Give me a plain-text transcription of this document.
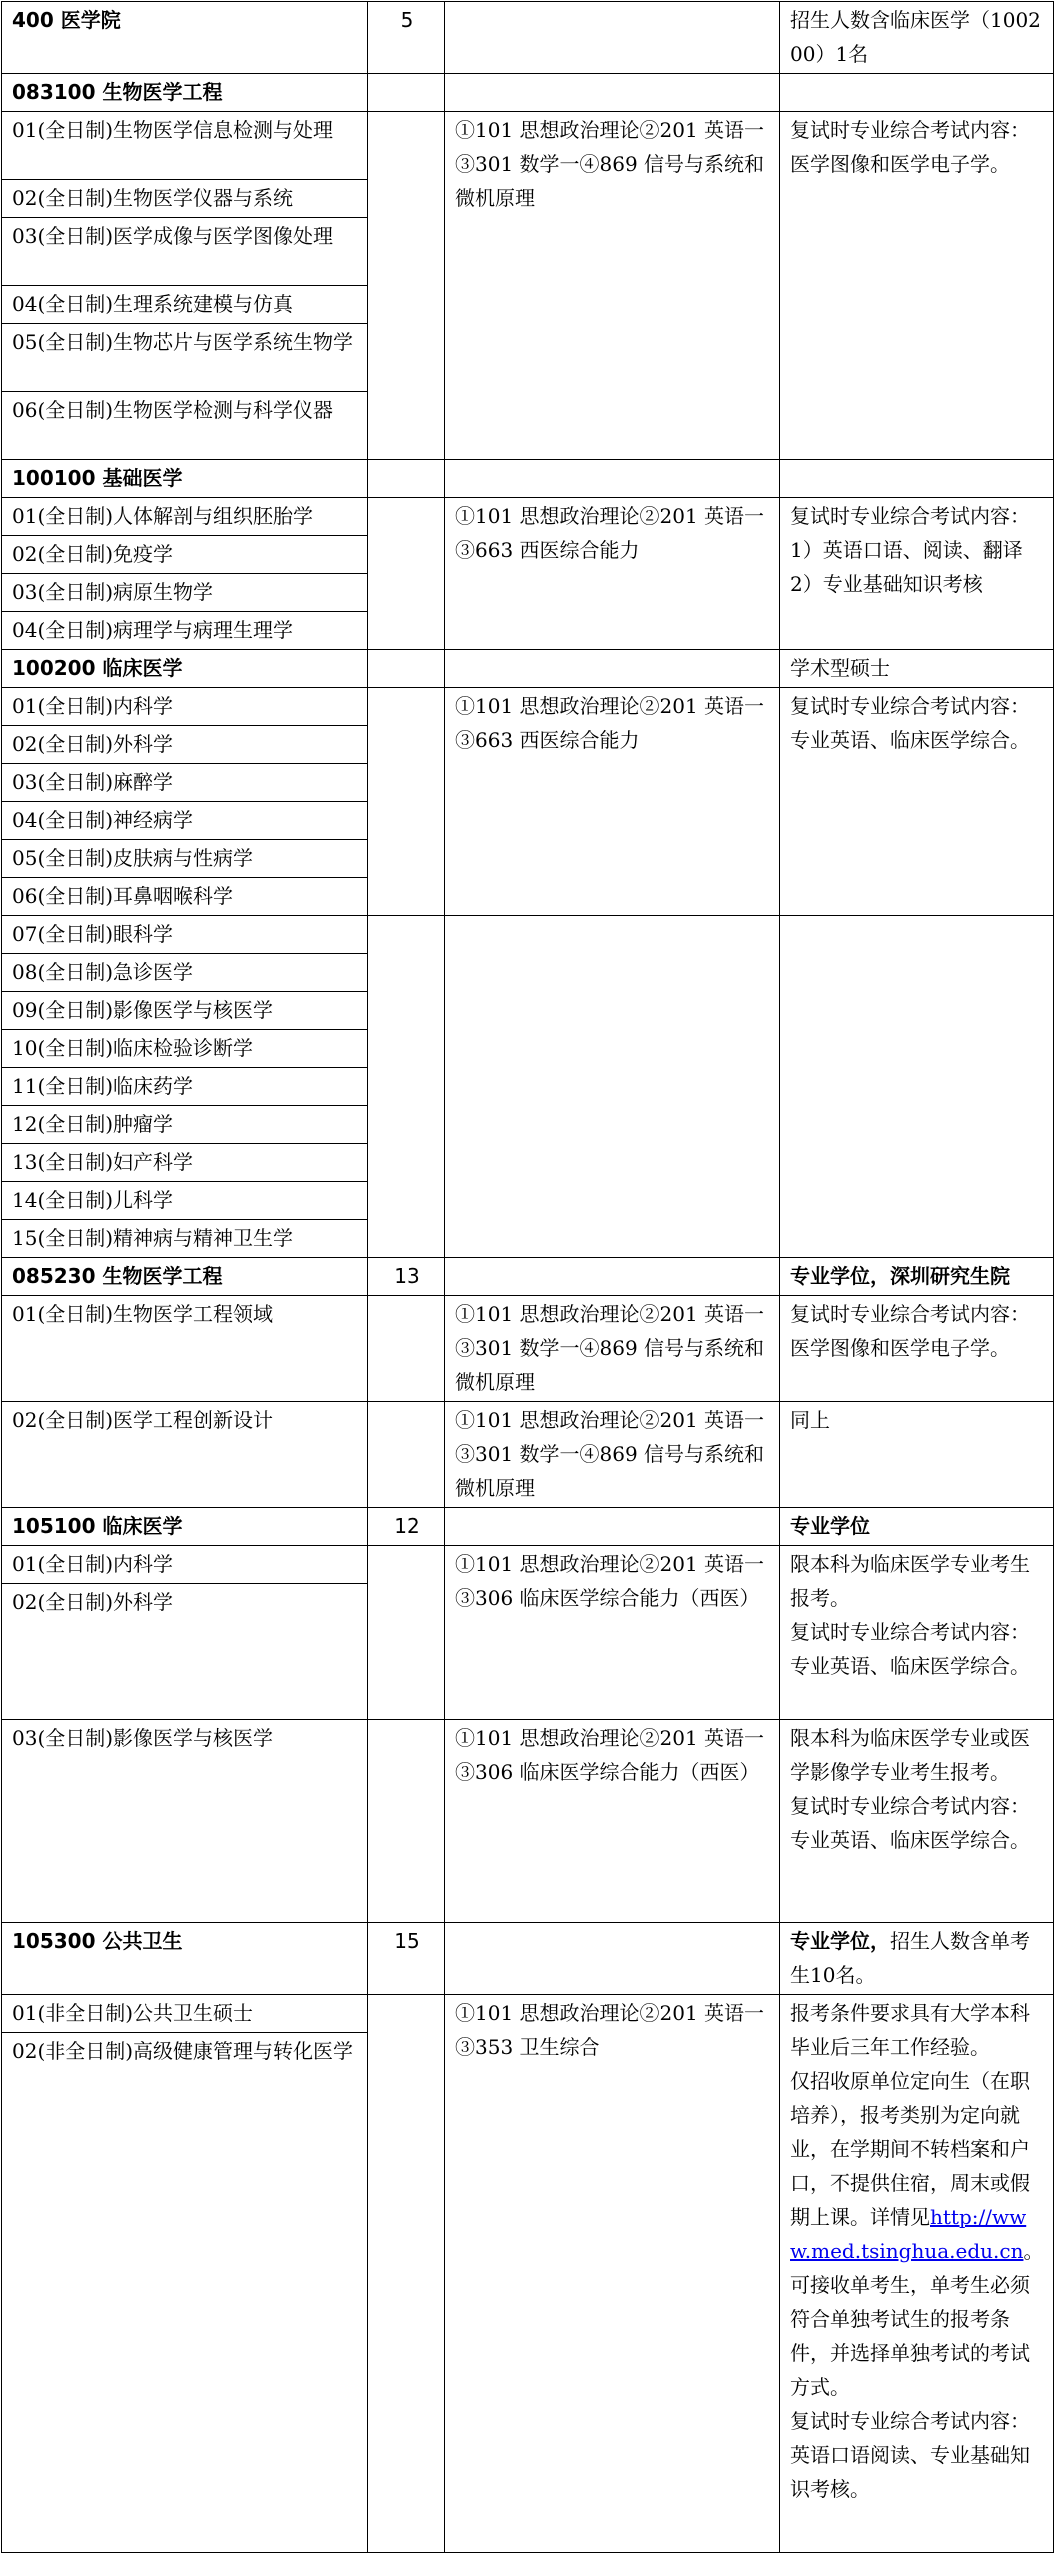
400 医学院	5		招生人数含临床医学（100200）1名
083100 生物医学工程			
01(全日制)生物医学信息检测与处理		①101 思想政治理论②201 英语一③301 数学一④869 信号与系统和微机原理	复试时专业综合考试内容：医学图像和医学电子学。
02(全日制)生物医学仪器与系统			
03(全日制)医学成像与医学图像处理			
04(全日制)生理系统建模与仿真			
05(全日制)生物芯片与医学系统生物学			
06(全日制)生物医学检测与科学仪器			
100100 基础医学			
01(全日制)人体解剖与组织胚胎学		①101 思想政治理论②201 英语一③663 西医综合能力	复试时专业综合考试内容：1）英语口语、阅读、翻译 2）专业基础知识考核
02(全日制)免疫学			
03(全日制)病原生物学			
04(全日制)病理学与病理生理学			
100200 临床医学			学术型硕士
01(全日制)内科学		①101 思想政治理论②201 英语一③663 西医综合能力	复试时专业综合考试内容：专业英语、临床医学综合。
02(全日制)外科学			
03(全日制)麻醉学			
04(全日制)神经病学			
05(全日制)皮肤病与性病学			
06(全日制)耳鼻咽喉科学			
07(全日制)眼科学			
08(全日制)急诊医学			
09(全日制)影像医学与核医学			
10(全日制)临床检验诊断学			
11(全日制)临床药学			
12(全日制)肿瘤学			
13(全日制)妇产科学			
14(全日制)儿科学			
15(全日制)精神病与精神卫生学			
085230 生物医学工程	13		专业学位，深圳研究生院
01(全日制)生物医学工程领域		①101 思想政治理论②201 英语一③301 数学一④869 信号与系统和微机原理	复试时专业综合考试内容：医学图像和医学电子学。
02(全日制)医学工程创新设计		①101 思想政治理论②201 英语一③301 数学一④869 信号与系统和微机原理	同上
105100 临床医学	12		专业学位
01(全日制)内科学		①101 思想政治理论②201 英语一③306 临床医学综合能力（西医）	限本科为临床医学专业考生报考。
复试时专业综合考试内容：专业英语、临床医学综合。

02(全日制)外科学			
03(全日制)影像医学与核医学		①101 思想政治理论②201 英语一③306 临床医学综合能力（西医）	限本科为临床医学专业或医学影像学专业考生报考。
复试时专业综合考试内容：专业英语、临床医学综合。

105300 公共卫生	15		专业学位，招生人数含单考生10名。
01(非全日制)公共卫生硕士		①101 思想政治理论②201 英语一③353 卫生综合	报考条件要求具有大学本科毕业后三年工作经验。
仅招收原单位定向生（在职培养），报考类别为定向就业，在学期间不转档案和户口，不提供住宿，周末或假期上课。详情见http://www.med.tsinghua.edu.cn。
可接收单考生，单考生必须符合单独考试生的报考条件，并选择单独考试的考试方式。
复试时专业综合考试内容：英语口语阅读、专业基础知识考核。

02(非全日制)高级健康管理与转化医学			
